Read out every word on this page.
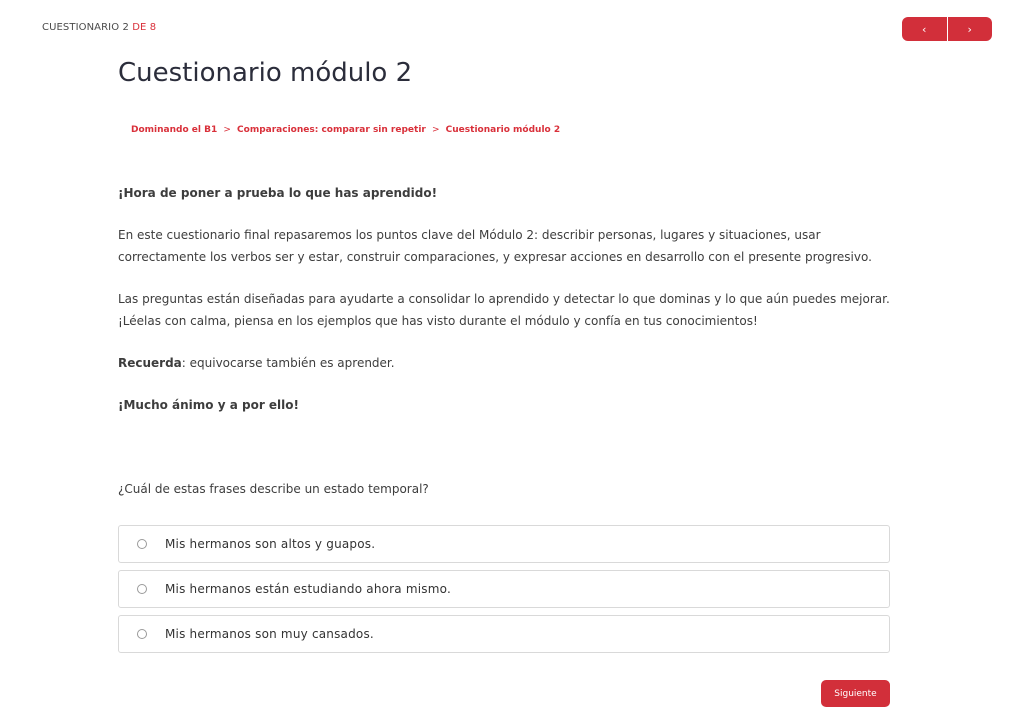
CUESTIONARIO 2 DE 8	‹	›
Cuestionario módulo 2
Dominando el B1 > Comparaciones: comparar sin repetir > Cuestionario módulo 2

¡Hora de poner a prueba lo que has aprendido!

En este cuestionario final repasaremos los puntos clave del Módulo 2: describir personas, lugares y situaciones, usar correctamente los verbos ser y estar, construir comparaciones, y expresar acciones en desarrollo con el presente progresivo.

Las preguntas están diseñadas para ayudarte a consolidar lo aprendido y detectar lo que dominas y lo que aún puedes mejorar. ¡Léelas con calma, piensa en los ejemplos que has visto durante el módulo y confía en tus conocimientos!

Recuerda: equivocarse también es aprender.

¡Mucho ánimo y a por ello!

¿Cuál de estas frases describe un estado temporal?
Mis hermanos son altos y guapos.
Mis hermanos están estudiando ahora mismo.
Mis hermanos son muy cansados.
Siguiente
